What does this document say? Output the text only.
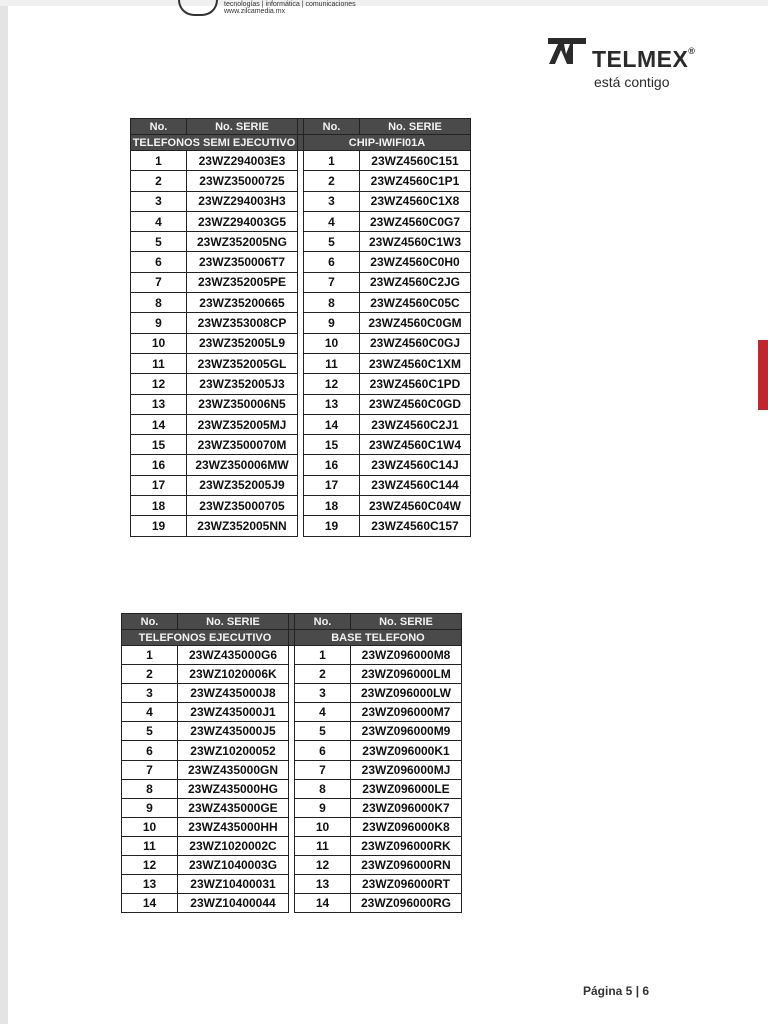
tecnologías | informática | comunicaciones
www.zilcamedia.mx
TELMEX®
está contigo
No.	No. SERIE		No.	No. SERIE
TELEFONOS SEMI EJECUTIVO			CHIP-IWIFI01A	
1	23WZ294003E3		1	23WZ4560C151
2	23WZ35000725		2	23WZ4560C1P1
3	23WZ294003H3		3	23WZ4560C1X8
4	23WZ294003G5		4	23WZ4560C0G7
5	23WZ352005NG		5	23WZ4560C1W3
6	23WZ350006T7		6	23WZ4560C0H0
7	23WZ352005PE		7	23WZ4560C2JG
8	23WZ35200665		8	23WZ4560C05C
9	23WZ353008CP		9	23WZ4560C0GM
10	23WZ352005L9		10	23WZ4560C0GJ
11	23WZ352005GL		11	23WZ4560C1XM
12	23WZ352005J3		12	23WZ4560C1PD
13	23WZ350006N5		13	23WZ4560C0GD
14	23WZ352005MJ		14	23WZ4560C2J1
15	23WZ3500070M		15	23WZ4560C1W4
16	23WZ350006MW		16	23WZ4560C14J
17	23WZ352005J9		17	23WZ4560C144
18	23WZ35000705		18	23WZ4560C04W
19	23WZ352005NN		19	23WZ4560C157
No.	No. SERIE		No.	No. SERIE
TELEFONOS EJECUTIVO			BASE TELEFONO	
1	23WZ435000G6		1	23WZ096000M8
2	23WZ1020006K		2	23WZ096000LM
3	23WZ435000J8		3	23WZ096000LW
4	23WZ435000J1		4	23WZ096000M7
5	23WZ435000J5		5	23WZ096000M9
6	23WZ10200052		6	23WZ096000K1
7	23WZ435000GN		7	23WZ096000MJ
8	23WZ435000HG		8	23WZ096000LE
9	23WZ435000GE		9	23WZ096000K7
10	23WZ435000HH		10	23WZ096000K8
11	23WZ1020002C		11	23WZ096000RK
12	23WZ1040003G		12	23WZ096000RN
13	23WZ10400031		13	23WZ096000RT
14	23WZ10400044		14	23WZ096000RG
Página 5 | 6
